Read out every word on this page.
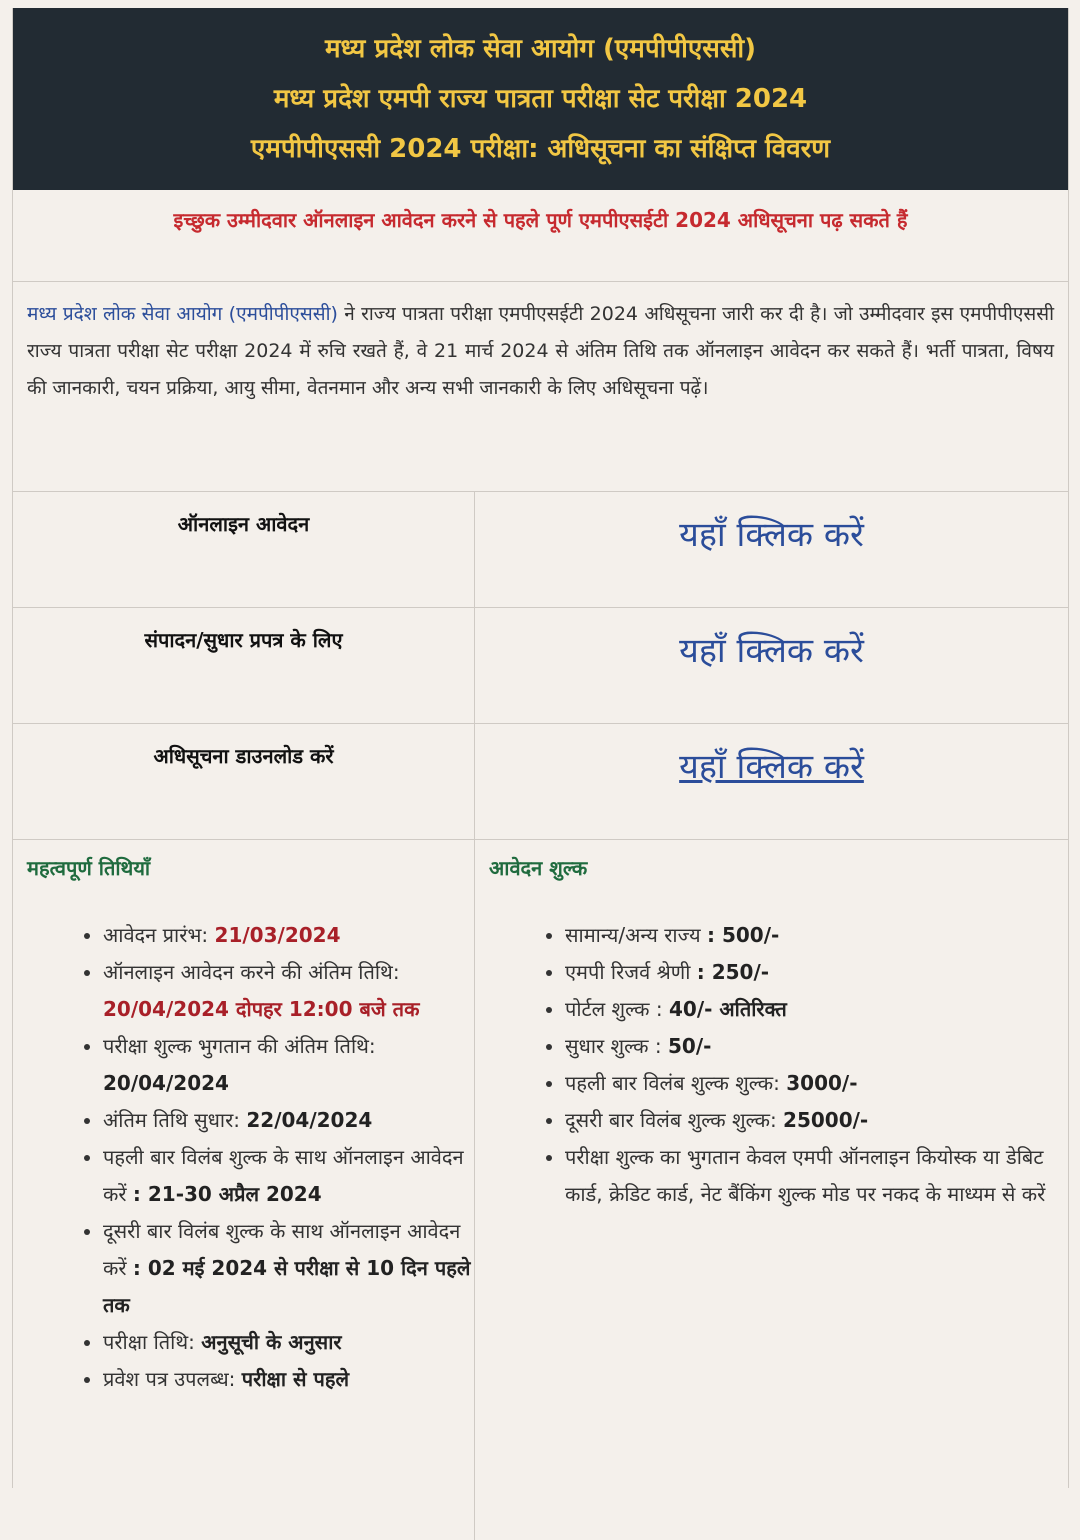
मध्य प्रदेश लोक सेवा आयोग (एमपीपीएससी)
मध्य प्रदेश एमपी राज्य पात्रता परीक्षा सेट परीक्षा 2024
एमपीपीएससी 2024 परीक्षा: अधिसूचना का संक्षिप्त विवरण
इच्छुक उम्मीदवार ऑनलाइन आवेदन करने से पहले पूर्ण एमपीएसईटी 2024 अधिसूचना पढ़ सकते हैं
मध्य प्रदेश लोक सेवा आयोग (एमपीपीएससी) ने राज्य पात्रता परीक्षा एमपीएसईटी 2024 अधिसूचना जारी कर दी है। जो उम्मीदवार इस एमपीपीएससी राज्य पात्रता परीक्षा सेट परीक्षा 2024 में रुचि रखते हैं, वे 21 मार्च 2024 से अंतिम तिथि तक ऑनलाइन आवेदन कर सकते हैं। भर्ती पात्रता, विषय की जानकारी, चयन प्रक्रिया, आयु सीमा, वेतनमान और अन्य सभी जानकारी के लिए अधिसूचना पढ़ें।
ऑनलाइन आवेदन	यहाँ क्लिक करें
संपादन/सुधार प्रपत्र के लिए	यहाँ क्लिक करें
अधिसूचना डाउनलोड करें	यहाँ क्लिक करें
महत्वपूर्ण तिथियाँ
• आवेदन प्रारंभ: 21/03/2024
• ऑनलाइन आवेदन करने की अंतिम तिथि: 20/04/2024 दोपहर 12:00 बजे तक
• परीक्षा शुल्क भुगतान की अंतिम तिथि: 20/04/2024
• अंतिम तिथि सुधार: 22/04/2024
• पहली बार विलंब शुल्क के साथ ऑनलाइन आवेदन करें : 21-30 अप्रैल 2024
• दूसरी बार विलंब शुल्क के साथ ऑनलाइन आवेदन करें : 02 मई 2024 से परीक्षा से 10 दिन पहले तक
• परीक्षा तिथि: अनुसूची के अनुसार
• प्रवेश पत्र उपलब्ध: परीक्षा से पहले
आवेदन शुल्क
• सामान्य/अन्य राज्य : 500/-
• एमपी रिजर्व श्रेणी : 250/-
• पोर्टल शुल्क : 40/- अतिरिक्त
• सुधार शुल्क : 50/-
• पहली बार विलंब शुल्क शुल्क: 3000/-
• दूसरी बार विलंब शुल्क शुल्क: 25000/-
• परीक्षा शुल्क का भुगतान केवल एमपी ऑनलाइन कियोस्क या डेबिट कार्ड, क्रेडिट कार्ड, नेट बैंकिंग शुल्क मोड पर नकद के माध्यम से करें
